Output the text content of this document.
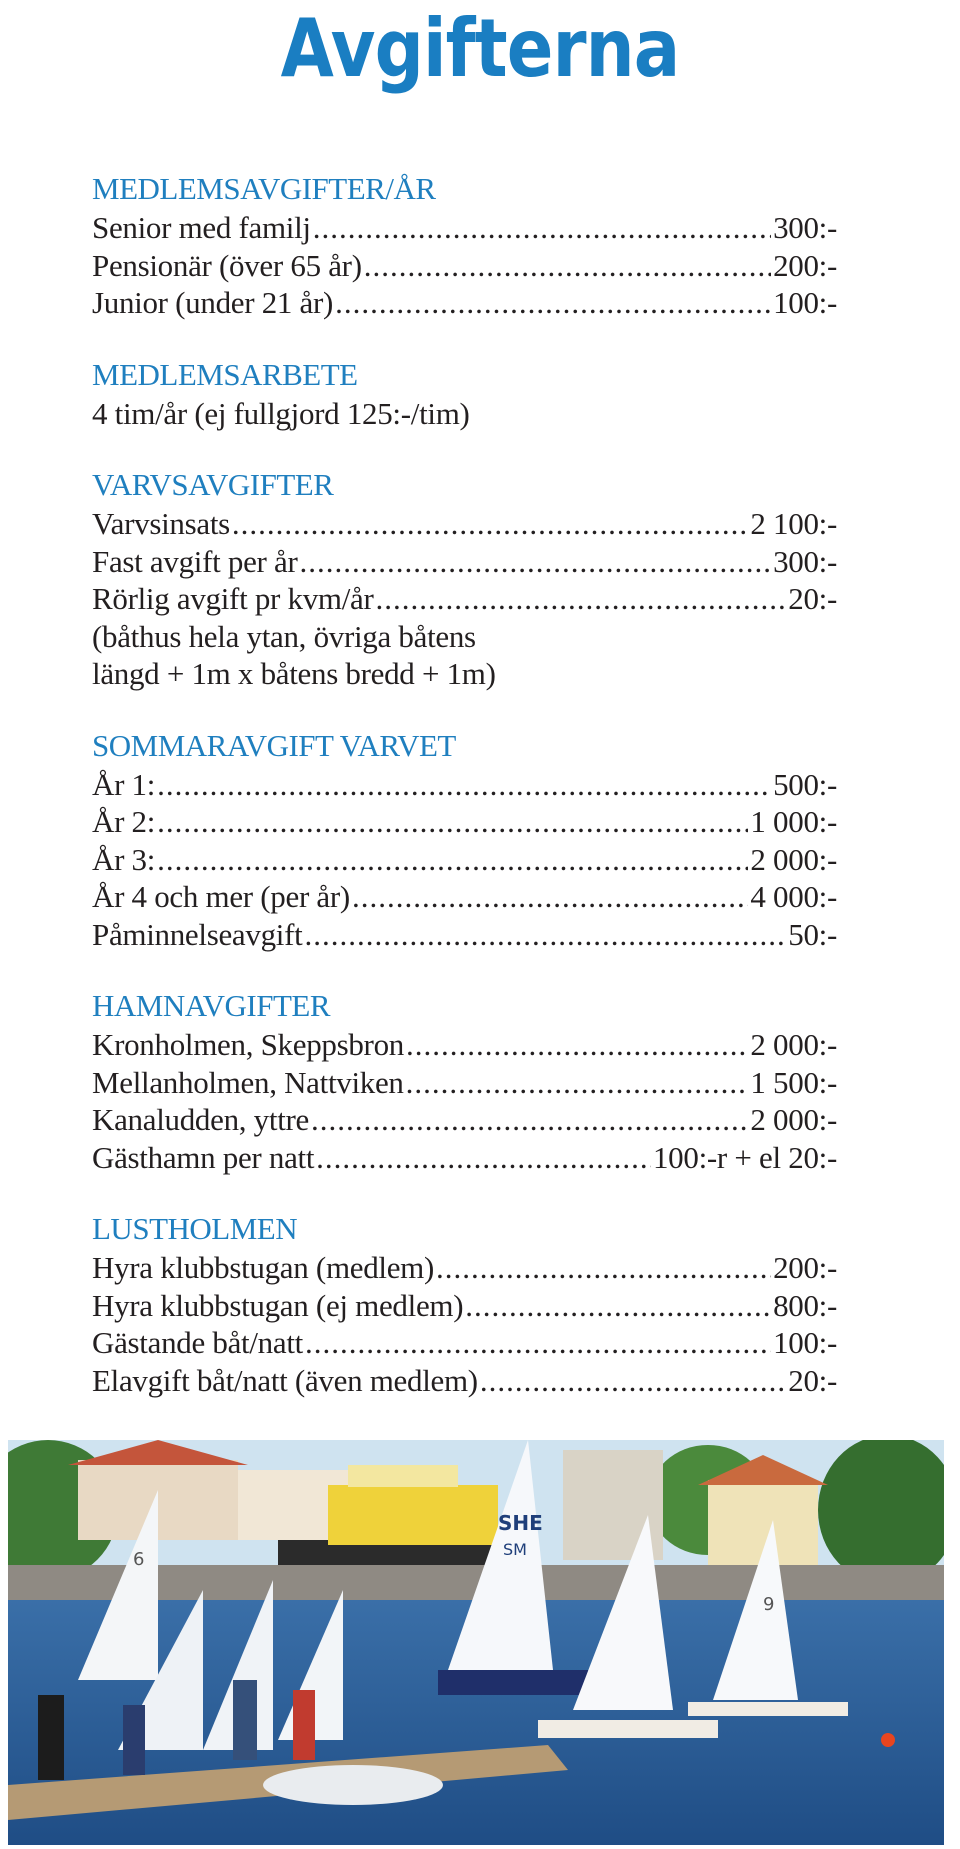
Avgifterna
MEDLEMSAVGIFTER/ÅR
Senior med familj .....	300:-
Pensionär (över 65 år) .....	200:-
Junior (under 21 år) .....	100:-
MEDLEMSARBETE
4 tim/år (ej fullgjord 125:-/tim)
VARVSAVGIFTER
Varvsinsats .....	2 100:-
Fast avgift per år .....	300:-
Rörlig avgift pr kvm/år .....	20:-
(båthus hela ytan, övriga båtens
längd + 1m x båtens bredd + 1m)
SOMMARAVGIFT VARVET
År 1: .....	500:-
År 2: .....	1 000:-
År 3: .....	2 000:-
År 4 och mer (per år) .....	4 000:-
Påminnelseavgift .....	50:-
HAMNAVGIFTER
Kronholmen, Skeppsbron .....	2 000:-
Mellanholmen, Nattviken .....	1 500:-
Kanaludden, yttre .....	2 000:-
Gästhamn per natt .....	100:-r + el 20:-
LUSTHOLMEN
Hyra klubbstugan (medlem) .....	200:-
Hyra klubbstugan (ej medlem) .....	800:-
Gästande båt/natt .....	100:-
Elavgift båt/natt (även medlem) .....	20:-
6
SHE
SM
9
